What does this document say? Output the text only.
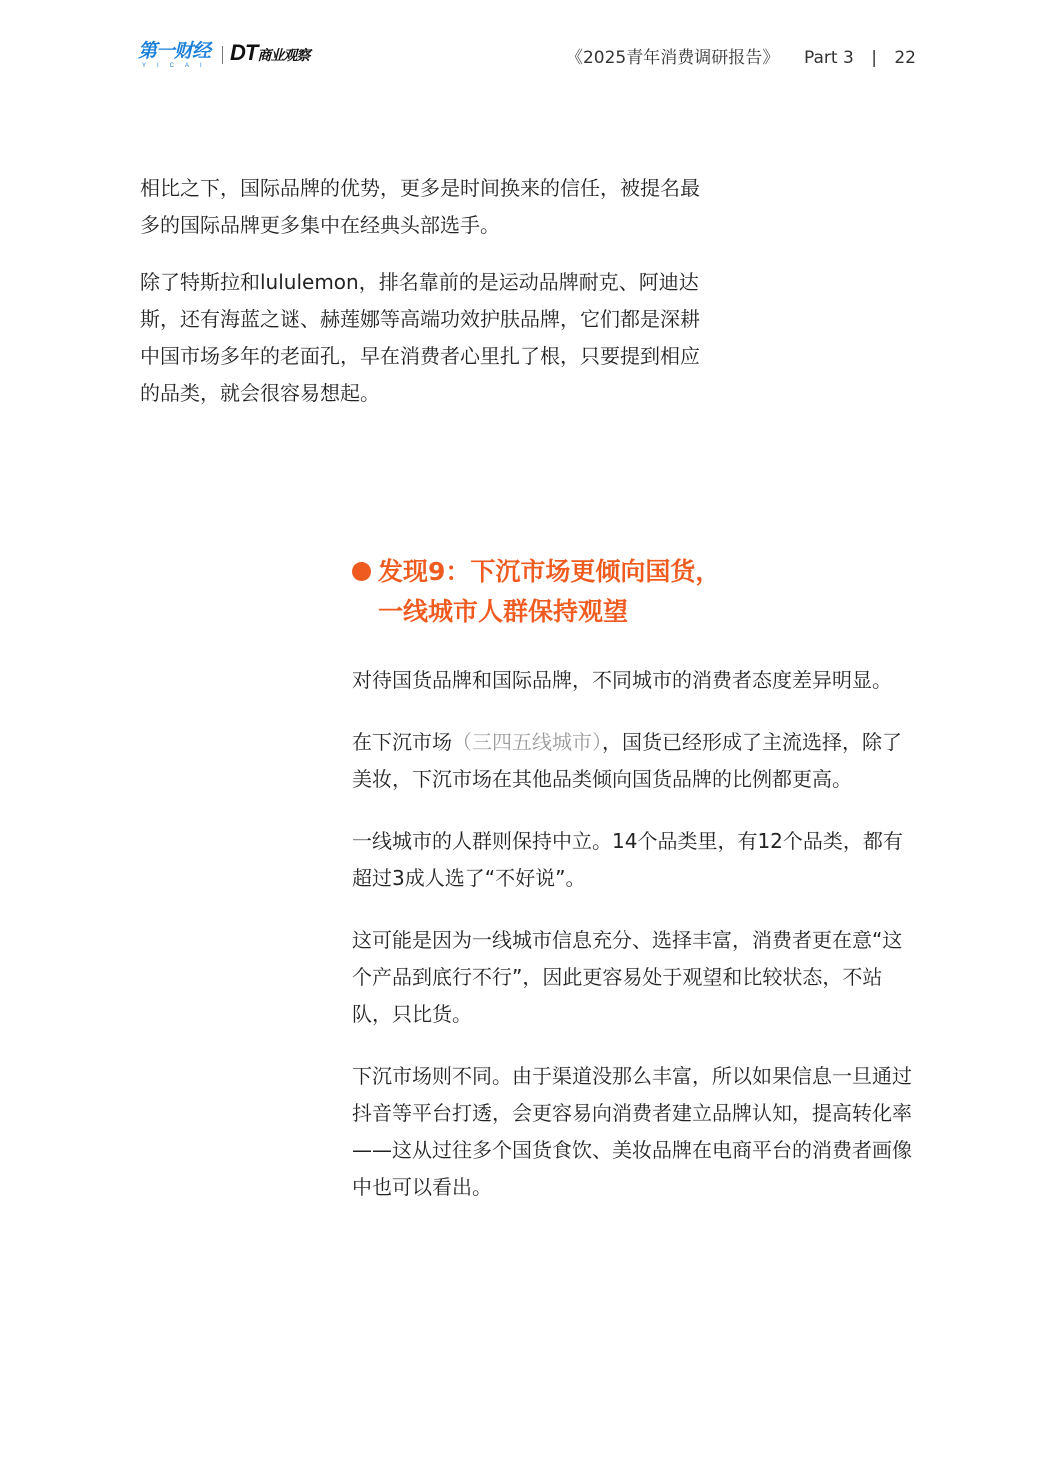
第一财经
YICAI
DT商业观察	《2025青年消费调研报告》 Part 3 | 22

相比之下，国际品牌的优势，更多是时间换来的信任，被提名最多的国际品牌更多集中在经典头部选手。

除了特斯拉和lululemon，排名靠前的是运动品牌耐克、阿迪达斯，还有海蓝之谜、赫莲娜等高端功效护肤品牌，它们都是深耕中国市场多年的老面孔，早在消费者心里扎了根，只要提到相应的品类，就会很容易想起。

发现9：下沉市场更倾向国货，
一线城市人群保持观望

对待国货品牌和国际品牌，不同城市的消费者态度差异明显。

在下沉市场（三四五线城市），国货已经形成了主流选择，除了美妆，下沉市场在其他品类倾向国货品牌的比例都更高。

一线城市的人群则保持中立。14个品类里，有12个品类，都有超过3成人选了“不好说”。

这可能是因为一线城市信息充分、选择丰富，消费者更在意“这个产品到底行不行”，因此更容易处于观望和比较状态，不站队，只比货。

下沉市场则不同。由于渠道没那么丰富，所以如果信息一旦通过抖音等平台打透，会更容易向消费者建立品牌认知，提高转化率——这从过往多个国货食饮、美妆品牌在电商平台的消费者画像中也可以看出。
